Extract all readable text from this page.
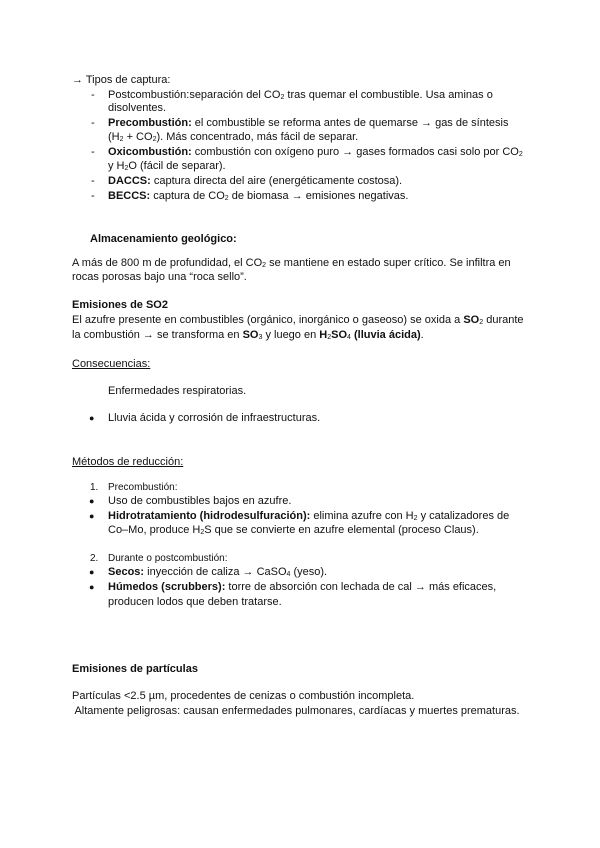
→ Tipos de captura:
- Postcombustión:separación del $CO_2$ tras quemar el combustible. Usa aminas o
disolventes.
- Precombustión: el combustible se reforma antes de quemarse → gas de síntesis
$(H_2 + CO_2)$. Más concentrado, más fácil de separar.
- Oxicombustión: combustión con oxígeno puro → gases formados casi solo por $CO_2$
y $H_2O$ (fácil de separar).
- DACCS: captura directa del aire (energéticamente costosa).
- BECCS: captura de $CO_2$ de biomasa → emisiones negativas.
Almacenamiento geológico:
A más de 800 m de profundidad, el $CO_2$ se mantiene en estado super crítico. Se infiltra en
rocas porosas bajo una “roca sello”.
Emisiones de SO2
El azufre presente en combustibles (orgánico, inorgánico o gaseoso) se oxida a $SO_2$ durante
la combustión → se transforma en $SO_3$ y luego en $H_2SO_4$ (lluvia ácida).
Consecuencias:
Enfermedades respiratorias.
● Lluvia ácida y corrosión de infraestructuras.
Métodos de reducción:
1. Precombustión:
● Uso de combustibles bajos en azufre.
● Hidrotratamiento (hidrodesulfuración): elimina azufre con $H_2$ y catalizadores de
Co–Mo, produce $H_2S$ que se convierte en azufre elemental (proceso Claus).
2. Durante o postcombustión:
● Secos: inyección de caliza → CaSO$_4$ (yeso).
● Húmedos (scrubbers): torre de absorción con lechada de cal → más eficaces,
producen lodos que deben tratarse.
Emisiones de partículas
Partículas <2.5 µm, procedentes de cenizas o combustión incompleta.
Altamente peligrosas: causan enfermedades pulmonares, cardíacas y muertes prematuras.
